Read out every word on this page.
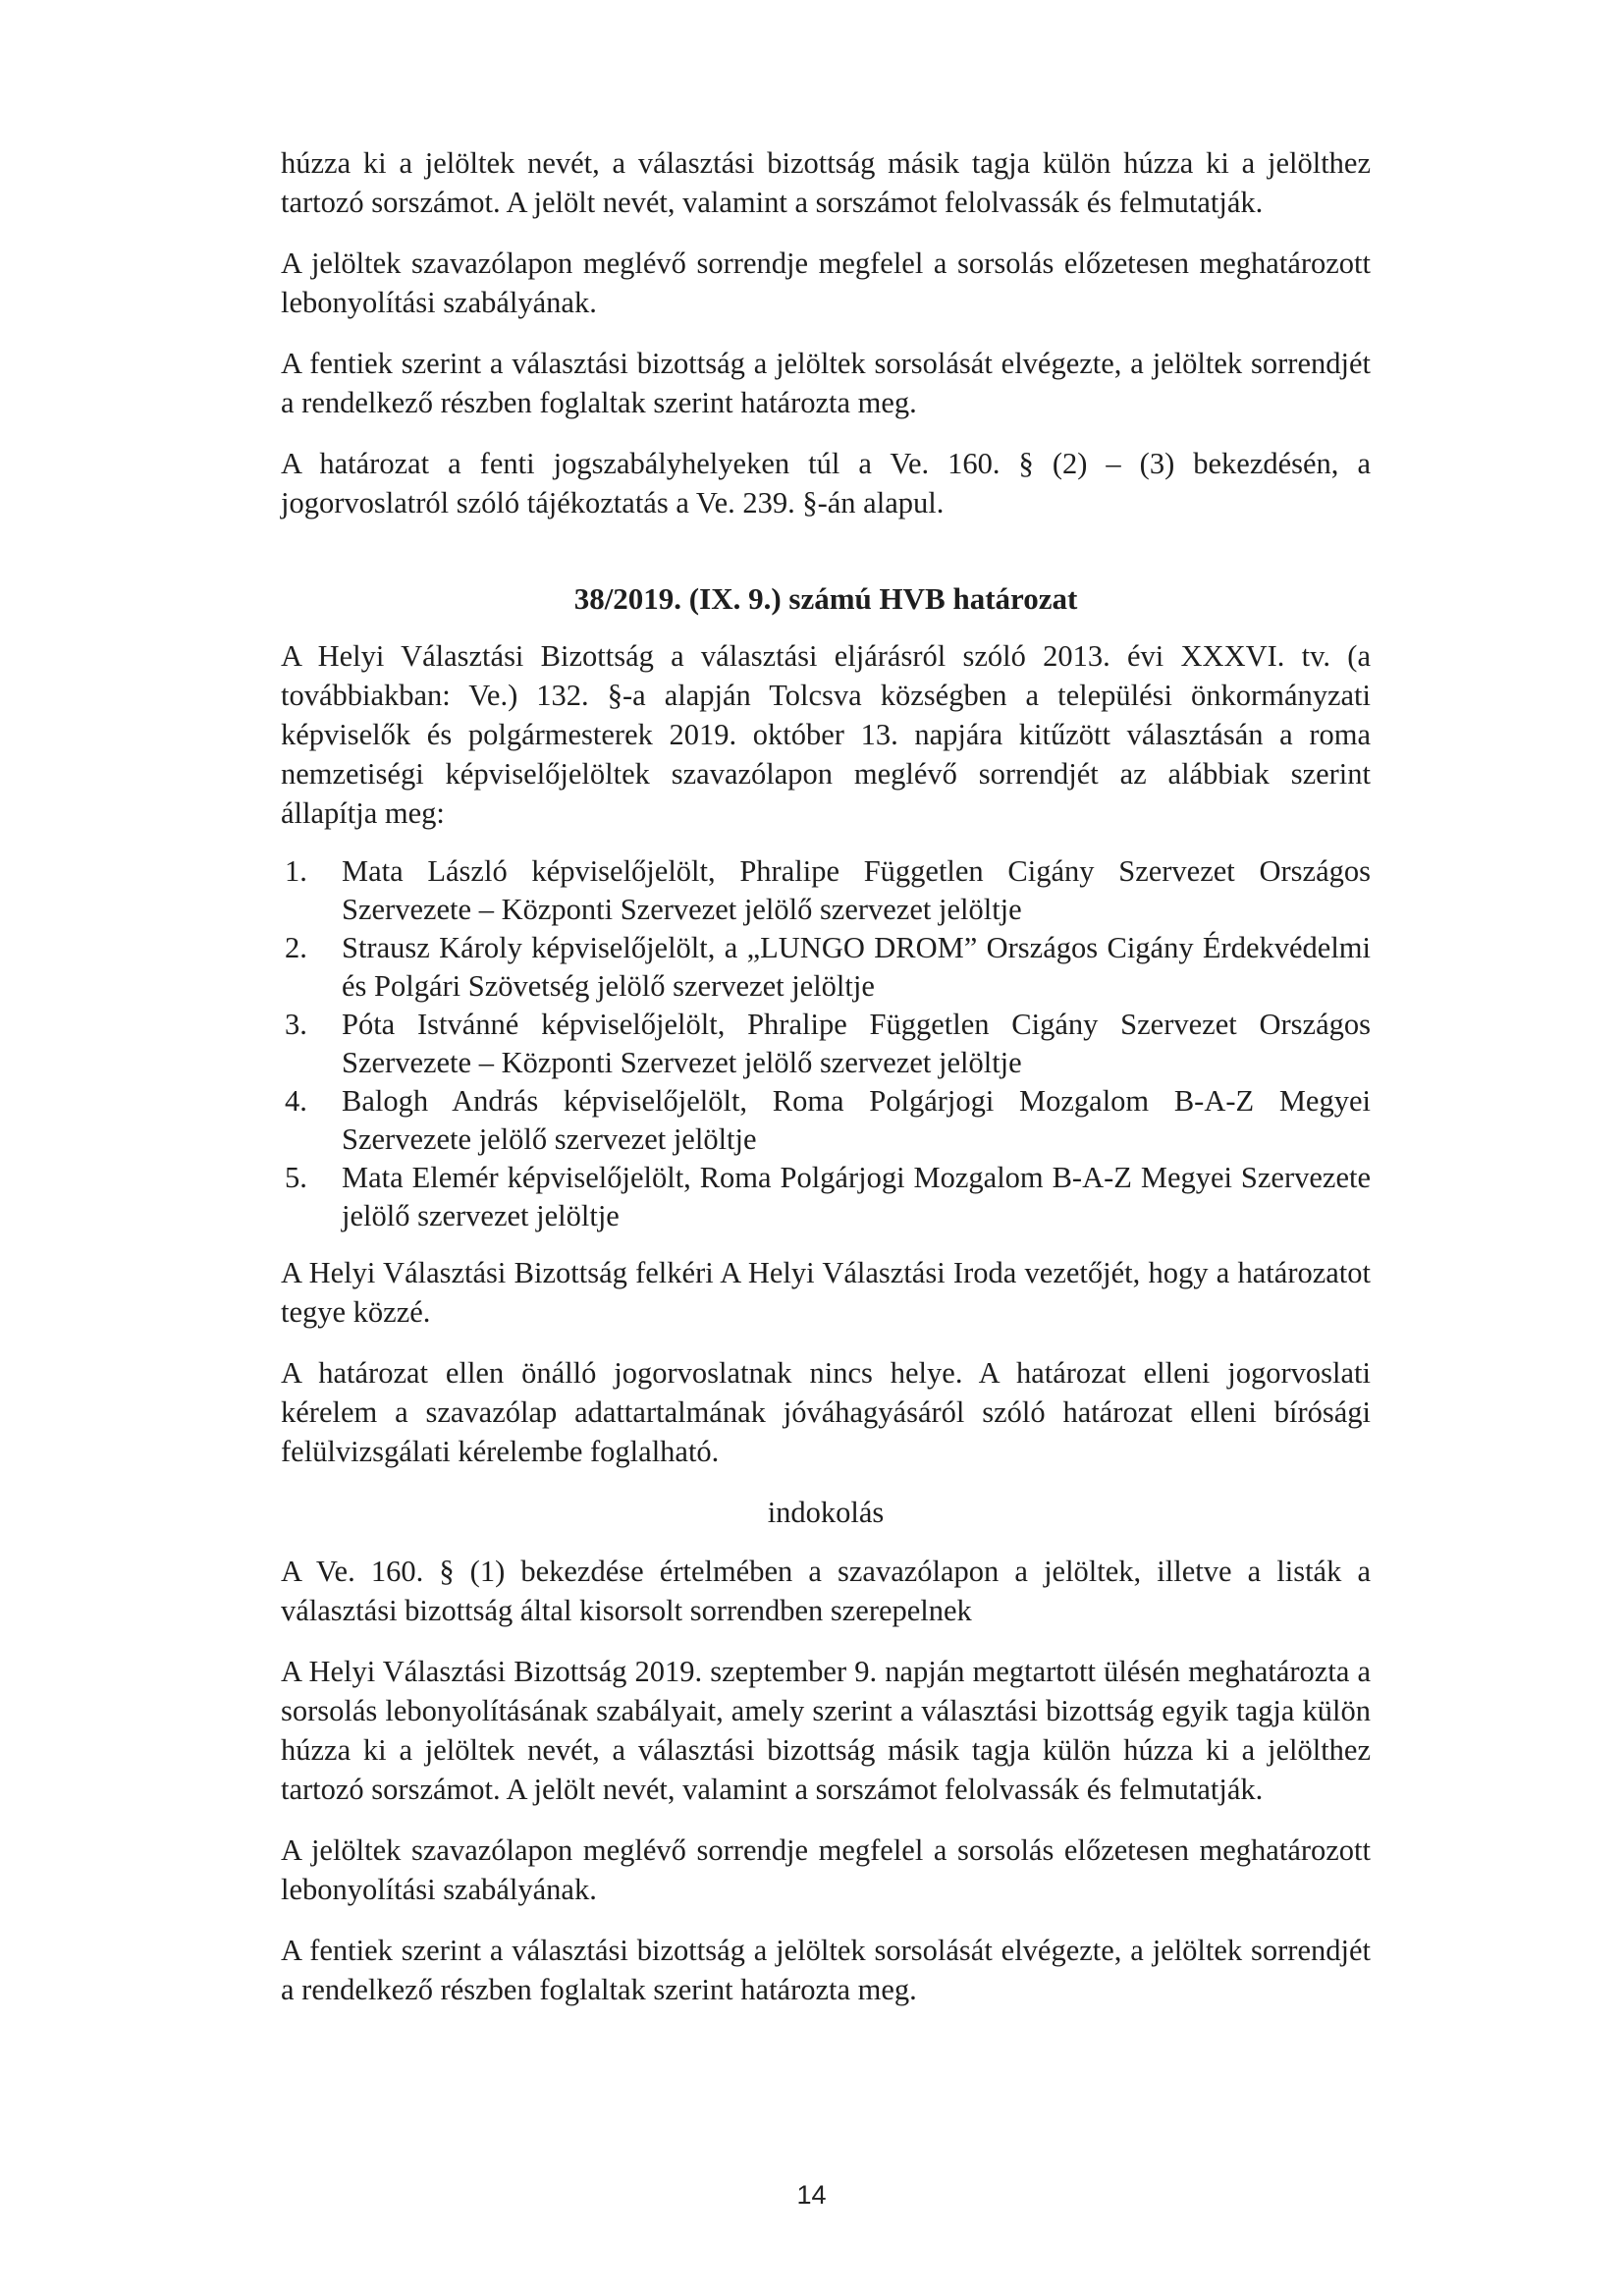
húzza ki a jelöltek nevét, a választási bizottság másik tagja külön húzza ki a jelölthez tartozó sorszámot. A jelölt nevét, valamint a sorszámot felolvassák és felmutatják.

A jelöltek szavazólapon meglévő sorrendje megfelel a sorsolás előzetesen meghatározott lebonyolítási szabályának.

A fentiek szerint a választási bizottság a jelöltek sorsolását elvégezte, a jelöltek sorrendjét a rendelkező részben foglaltak szerint határozta meg.

A határozat a fenti jogszabályhelyeken túl a Ve. 160. § (2) – (3) bekezdésén, a jogorvoslatról szóló tájékoztatás a Ve. 239. §-án alapul.

38/2019. (IX. 9.) számú HVB határozat

A Helyi Választási Bizottság a választási eljárásról szóló 2013. évi XXXVI. tv. (a továbbiakban: Ve.) 132. §-a alapján Tolcsva községben a települési önkormányzati képviselők és polgármesterek 2019. október 13. napjára kitűzött választásán a roma nemzetiségi képviselőjelöltek szavazólapon meglévő sorrendjét az alábbiak szerint állapítja meg:

1.	Mata László képviselőjelölt, Phralipe Független Cigány Szervezet Országos Szervezete – Központi Szervezet jelölő szervezet jelöltje
2.	Strausz Károly képviselőjelölt, a „LUNGO DROM” Országos Cigány Érdekvédelmi és Polgári Szövetség jelölő szervezet jelöltje
3.	Póta Istvánné képviselőjelölt, Phralipe Független Cigány Szervezet Országos Szervezete – Központi Szervezet jelölő szervezet jelöltje
4.	Balogh András képviselőjelölt, Roma Polgárjogi Mozgalom B-A-Z Megyei Szervezete jelölő szervezet jelöltje
5.	Mata Elemér képviselőjelölt, Roma Polgárjogi Mozgalom B-A-Z Megyei Szervezete jelölő szervezet jelöltje

A Helyi Választási Bizottság felkéri A Helyi Választási Iroda vezetőjét, hogy a határozatot tegye közzé.

A határozat ellen önálló jogorvoslatnak nincs helye. A határozat elleni jogorvoslati kérelem a szavazólap adattartalmának jóváhagyásáról szóló határozat elleni bírósági felülvizsgálati kérelembe foglalható.

indokolás

A Ve. 160. § (1) bekezdése értelmében a szavazólapon a jelöltek, illetve a listák a választási bizottság által kisorsolt sorrendben szerepelnek

A Helyi Választási Bizottság 2019. szeptember 9. napján megtartott ülésén meghatározta a sorsolás lebonyolításának szabályait, amely szerint a választási bizottság egyik tagja külön húzza ki a jelöltek nevét, a választási bizottság másik tagja külön húzza ki a jelölthez tartozó sorszámot. A jelölt nevét, valamint a sorszámot felolvassák és felmutatják.

A jelöltek szavazólapon meglévő sorrendje megfelel a sorsolás előzetesen meghatározott lebonyolítási szabályának.

A fentiek szerint a választási bizottság a jelöltek sorsolását elvégezte, a jelöltek sorrendjét a rendelkező részben foglaltak szerint határozta meg.

14
